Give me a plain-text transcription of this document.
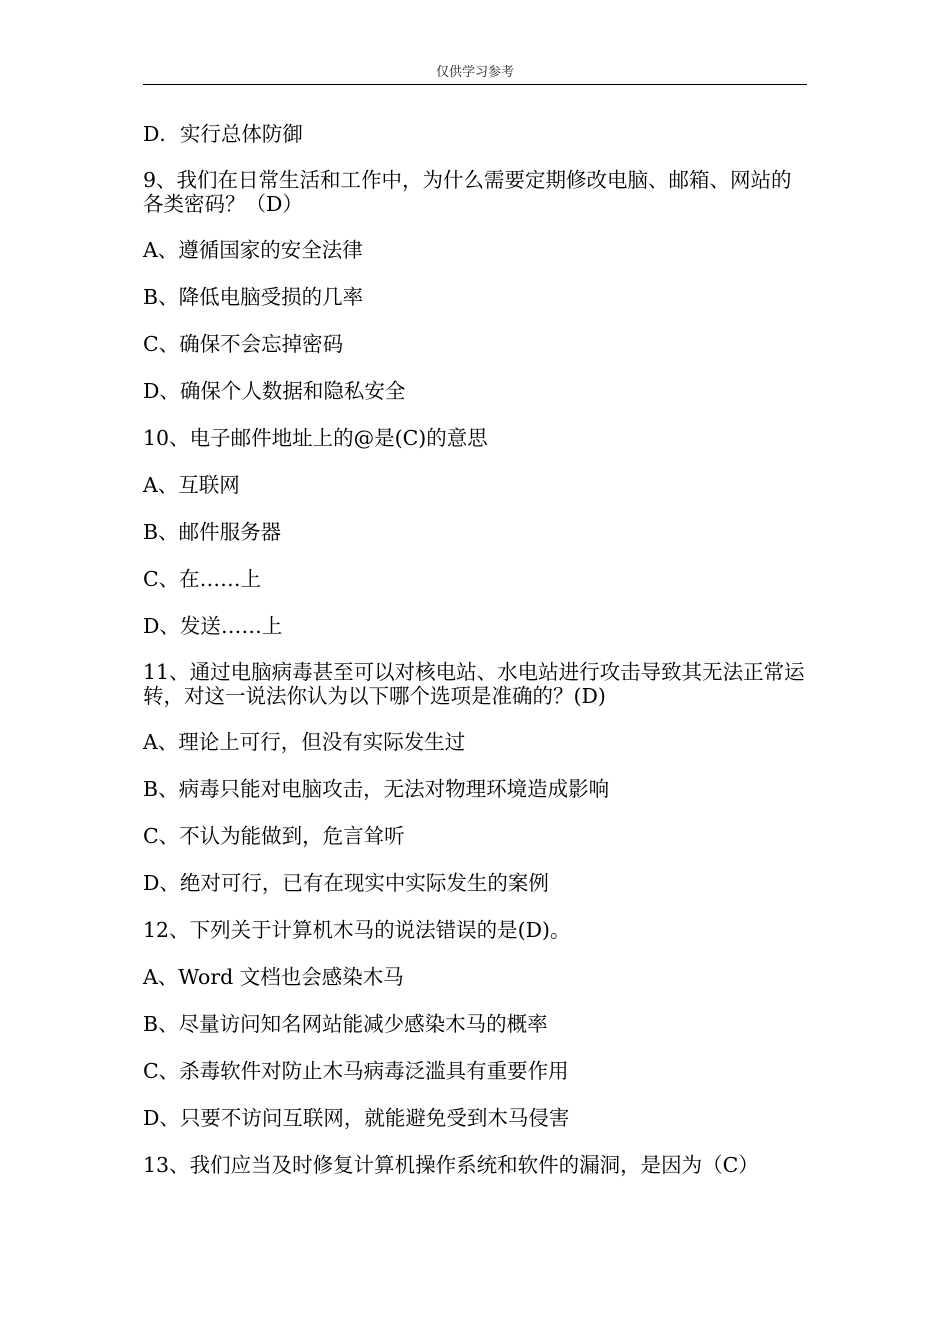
仅供学习参考

D．实行总体防御

9、我们在日常生活和工作中，为什么需要定期修改电脑、邮箱、网站的各类密码？（D）

A、遵循国家的安全法律

B、降低电脑受损的几率

C、确保不会忘掉密码

D、确保个人数据和隐私安全

10、电子邮件地址上的@是(C)的意思

A、互联网

B、邮件服务器

C、在……上

D、发送……上

11、通过电脑病毒甚至可以对核电站、水电站进行攻击导致其无法正常运转，对这一说法你认为以下哪个选项是准确的？(D)

A、理论上可行，但没有实际发生过

B、病毒只能对电脑攻击，无法对物理环境造成影响

C、不认为能做到，危言耸听

D、绝对可行，已有在现实中实际发生的案例

12、下列关于计算机木马的说法错误的是(D)。

A、Word 文档也会感染木马

B、尽量访问知名网站能减少感染木马的概率

C、杀毒软件对防止木马病毒泛滥具有重要作用

D、只要不访问互联网，就能避免受到木马侵害

13、我们应当及时修复计算机操作系统和软件的漏洞，是因为（C）
